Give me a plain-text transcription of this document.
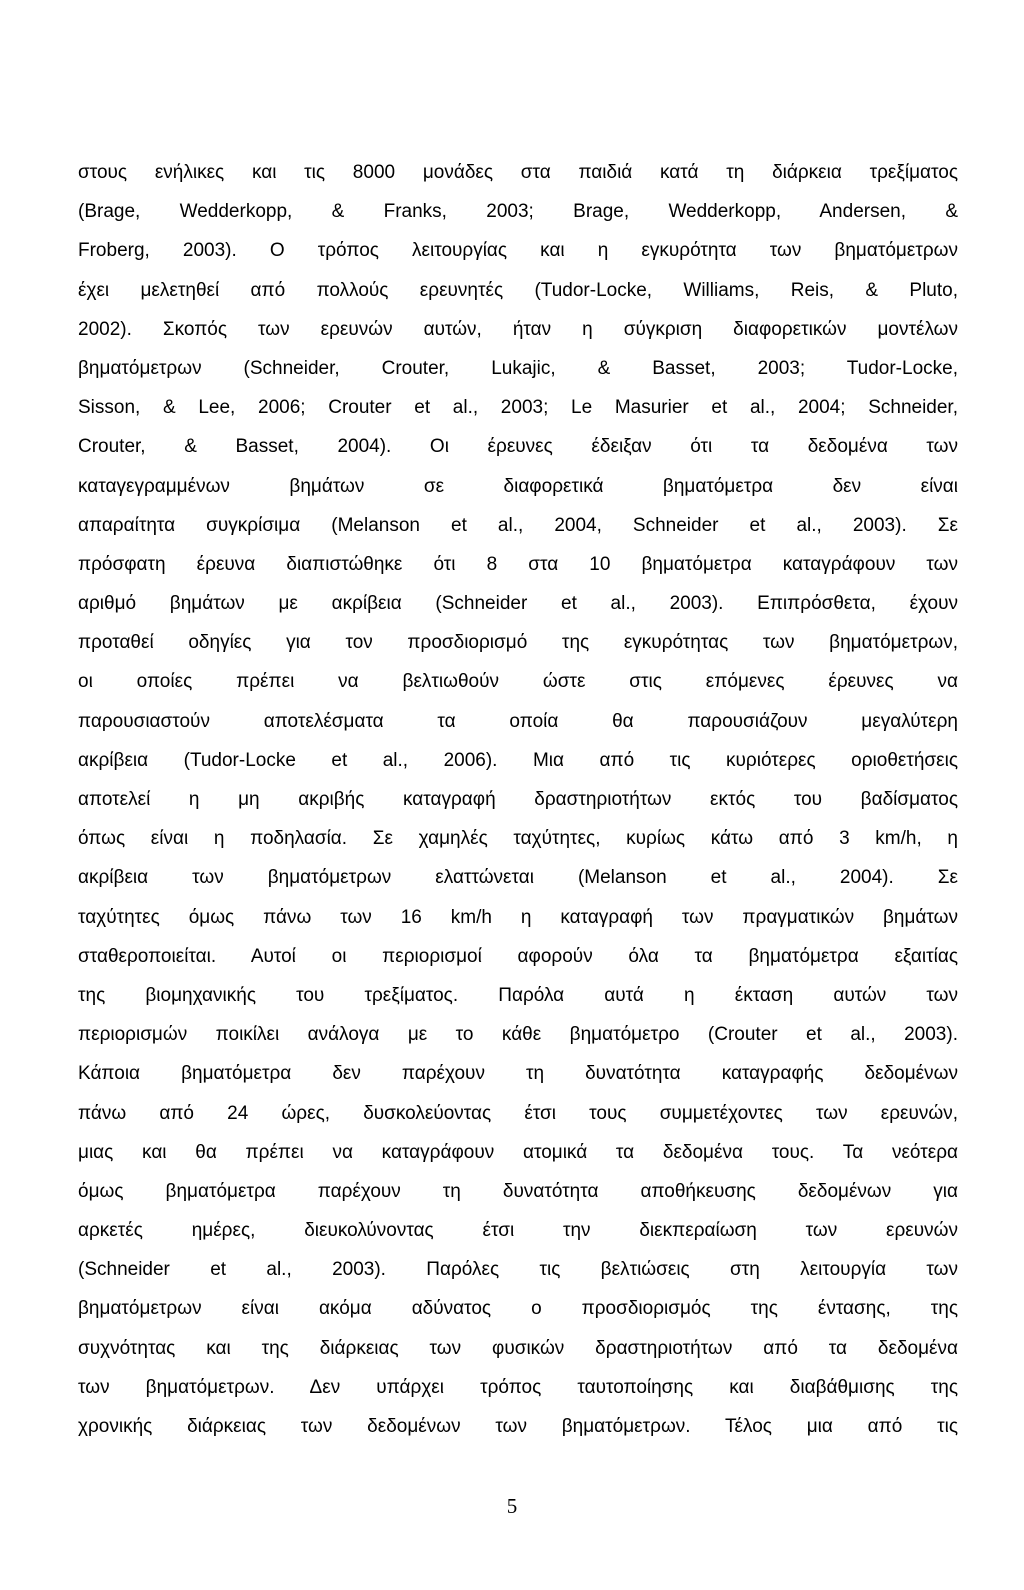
στους ενήλικες και τις 8000 μονάδες στα παιδιά κατά τη διάρκεια τρεξίματος
(Brage, Wedderkopp, & Franks, 2003; Brage, Wedderkopp, Andersen, &
Froberg, 2003). Ο τρόπος λειτουργίας και η εγκυρότητα των βηματόμετρων
έχει μελετηθεί από πολλούς ερευνητές (Tudor-Locke, Williams, Reis, & Pluto,
2002). Σκοπός των ερευνών αυτών, ήταν η σύγκριση διαφορετικών μοντέλων
βηματόμετρων (Schneider, Crouter, Lukajic, & Basset, 2003; Tudor-Locke,
Sisson, & Lee, 2006; Crouter et al., 2003; Le Masurier et al., 2004; Schneider,
Crouter, & Basset, 2004). Οι έρευνες έδειξαν ότι τα δεδομένα των
καταγεγραμμένων βημάτων σε διαφορετικά βηματόμετρα δεν είναι
απαραίτητα συγκρίσιμα (Melanson et al., 2004, Schneider et al., 2003). Σε
πρόσφατη έρευνα διαπιστώθηκε ότι 8 στα 10 βηματόμετρα καταγράφουν των
αριθμό βημάτων με ακρίβεια (Schneider et al., 2003). Επιπρόσθετα, έχουν
προταθεί οδηγίες για τον προσδιορισμό της εγκυρότητας των βηματόμετρων,
οι οποίες πρέπει να βελτιωθούν ώστε στις επόμενες έρευνες να
παρουσιαστούν αποτελέσματα τα οποία θα παρουσιάζουν μεγαλύτερη
ακρίβεια (Tudor-Locke et al., 2006). Μια από τις κυριότερες οριοθετήσεις
αποτελεί η μη ακριβής καταγραφή δραστηριοτήτων εκτός του βαδίσματος
όπως είναι η ποδηλασία. Σε χαμηλές ταχύτητες, κυρίως κάτω από 3 km/h, η
ακρίβεια των βηματόμετρων ελαττώνεται (Melanson et al., 2004). Σε
ταχύτητες όμως πάνω των 16 km/h η καταγραφή των πραγματικών βημάτων
σταθεροποιείται. Αυτοί οι περιορισμοί αφορούν όλα τα βηματόμετρα εξαιτίας
της βιομηχανικής του τρεξίματος. Παρόλα αυτά η έκταση αυτών των
περιορισμών ποικίλει ανάλογα με το κάθε βηματόμετρο (Crouter et al., 2003).
Κάποια βηματόμετρα δεν παρέχουν τη δυνατότητα καταγραφής δεδομένων
πάνω από 24 ώρες, δυσκολεύοντας έτσι τους συμμετέχοντες των ερευνών,
μιας και θα πρέπει να καταγράφουν ατομικά τα δεδομένα τους. Τα νεότερα
όμως βηματόμετρα παρέχουν τη δυνατότητα αποθήκευσης δεδομένων για
αρκετές ημέρες, διευκολύνοντας έτσι την διεκπεραίωση των ερευνών
(Schneider et al., 2003). Παρόλες τις βελτιώσεις στη λειτουργία των
βηματόμετρων είναι ακόμα αδύνατος ο προσδιορισμός της έντασης, της
συχνότητας και της διάρκειας των φυσικών δραστηριοτήτων από τα δεδομένα
των βηματόμετρων. Δεν υπάρχει τρόπος ταυτοποίησης και διαβάθμισης της
χρονικής διάρκειας των δεδομένων των βηματόμετρων. Τέλος μια από τις

5
